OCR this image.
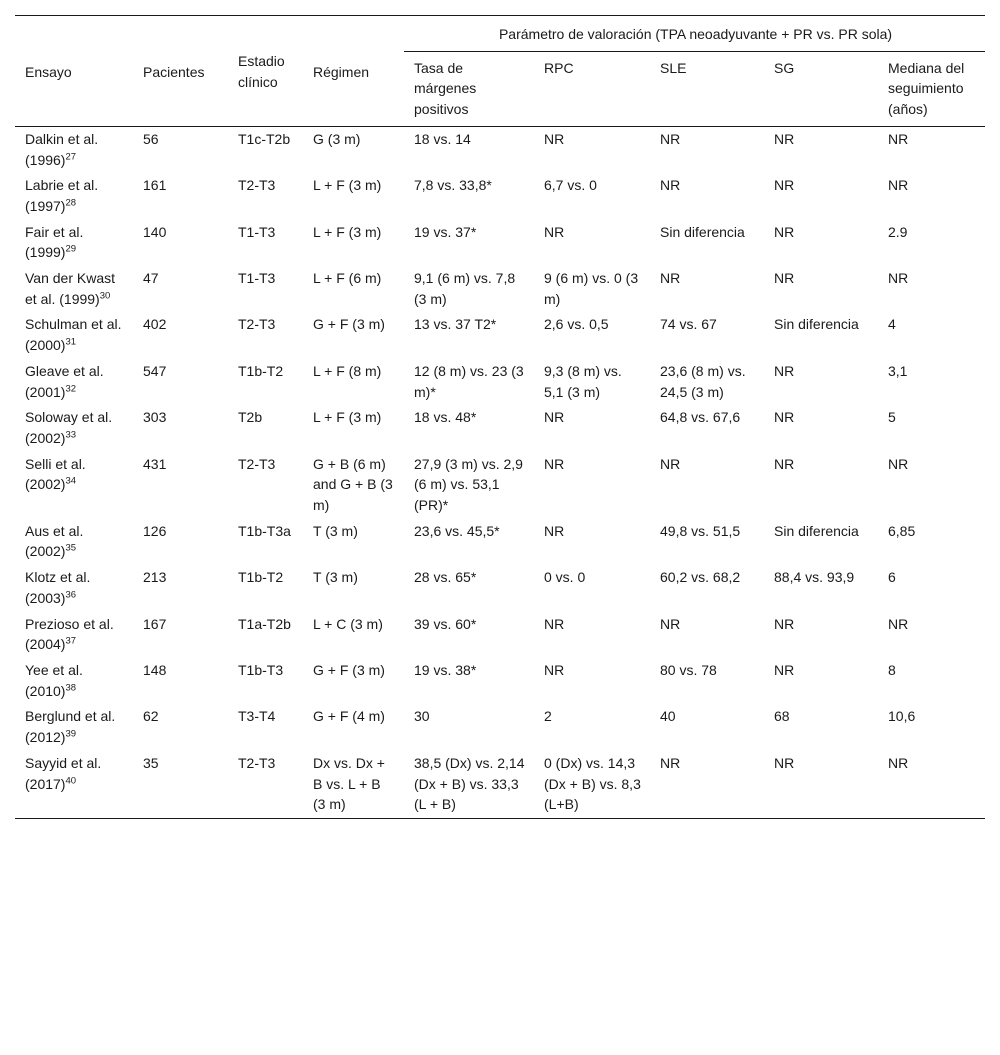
Ensayo	Pacientes	Estadio clínico	Régimen	Parámetro de valoración (TPA neoadyuvante + PR vs. PR sola)				
				Tasa de márgenes positivos	RPC	SLE	SG	Mediana del seguimiento (años)
Dalkin et al. $(1996)^{27}$	56	T1c-T2b	G (3 m)	18 vs. 14	NR	NR	NR	NR
Labrie et al. $(1997)^{28}$	161	T2-T3	L + F (3 m)	7,8 vs. 33,8*	6,7 vs. 0	NR	NR	NR
Fair et al. $(1999)^{29}$	140	T1-T3	L + F (3 m)	19 vs. 37*	NR	Sin diferencia	NR	2.9
Van der Kwast et al. $(1999)^{30}$	47	T1-T3	L + F (6 m)	9,1 (6 m) vs. 7,8 (3 m)	9 (6 m) vs. 0 (3 m)	NR	NR	NR
Schulman et al. $(2000)^{31}$	402	T2-T3	G + F (3 m)	13 vs. 37 T2*	2,6 vs. 0,5	74 vs. 67	Sin diferencia	4
Gleave et al. $(2001)^{32}$	547	T1b-T2	L + F (8 m)	12 (8 m) vs. 23 (3 m)*	9,3 (8 m) vs. 5,1 (3 m)	23,6 (8 m) vs. 24,5 (3 m)	NR	3,1
Soloway et al. $(2002)^{33}$	303	T2b	L + F (3 m)	18 vs. 48*	NR	64,8 vs. 67,6	NR	5
Selli et al. $(2002)^{34}$	431	T2-T3	G + B (6 m) and G + B (3 m)	27,9 (3 m) vs. 2,9 (6 m) vs. 53,1 (PR)*	NR	NR	NR	NR
Aus et al. $(2002)^{35}$	126	T1b-T3a	T (3 m)	23,6 vs. 45,5*	NR	49,8 vs. 51,5	Sin diferencia	6,85
Klotz et al. $(2003)^{36}$	213	T1b-T2	T (3 m)	28 vs. 65*	0 vs. 0	60,2 vs. 68,2	88,4 vs. 93,9	6
Prezioso et al. $(2004)^{37}$	167	T1a-T2b	L + C (3 m)	39 vs. 60*	NR	NR	NR	NR
Yee et al. $(2010)^{38}$	148	T1b-T3	G + F (3 m)	19 vs. 38*	NR	80 vs. 78	NR	8
Berglund et al. $(2012)^{39}$	62	T3-T4	G + F (4 m)	30	2	40	68	10,6
Sayyid et al. $(2017)^{40}$	35	T2-T3	Dx vs. Dx + B vs. L + B (3 m)	38,5 (Dx) vs. 2,14 (Dx + B) vs. 33,3 (L + B)	0 (Dx) vs. 14,3 (Dx + B) vs. 8,3 (L+B)	NR	NR	NR
